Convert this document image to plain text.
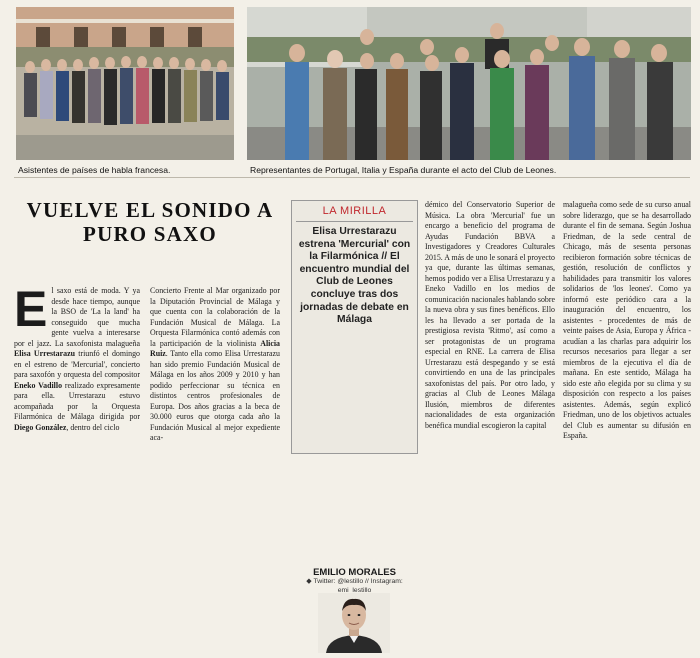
Asistentes de países de habla francesa.	Representantes de Portugal, Italia y España durante el acto del Club de Leones.
VUELVE EL SONIDO A PURO SAXO
E l saxo está de moda. Y ya desde hace tiempo, aunque la BSO de 'La la land' ha conseguido que mucha gente vuelva a interesarse por el jazz. La saxofonista malagueña Elisa Urrestarazu triunfó el domingo en el estreno de 'Mercurial', concierto para saxofón y orquesta del compositor Eneko Vadillo realizado expresamente para ella. Urrestarazu estuvo acompañada por la Orquesta Filarmónica de Málaga dirigida por Diego González, dentro del ciclo
Concierto Frente al Mar organizado por la Diputación Provincial de Málaga y que cuenta con la colaboración de la Fundación Musical de Málaga. La Orquesta Filarmónica contó además con la participación de la violinista Alicia Ruiz. Tanto ella como Elisa Urrestarazu han sido premio Fundación Musical de Málaga en los años 2009 y 2010 y han podido perfeccionar su técnica en distintos centros profesionales de Europa. Dos años gracias a la beca de 30.000 euros que otorga cada año la Fundación Musical al mejor expediente aca-
LA MIRILLA
Elisa Urrestarazu estrena 'Mercurial' con la Filarmónica // El encuentro mundial del Club de Leones concluye tras dos jornadas de debate en Málaga
EMILIO MORALES
◆ Twitter: @lestillo // Instagram: emi_lestillo
démico del Conservatorio Superior de Música. La obra 'Mercurial' fue un encargo a beneficio del programa de Ayudas Fundación BBVA a Investigadores y Creadores Culturales 2015. A más de uno le sonará el proyecto ya que, durante las últimas semanas, hemos podido ver a Elisa Urrestarazu y a Eneko Vadillo en los medios de comunicación nacionales hablando sobre la nueva obra y sus fines benéficos. Ello les ha llevado a ser portada de la prestigiosa revista 'Ritmo', así como a ser protagonistas de un programa especial en RNE. La carrera de Elisa Urrestarazu está despegando y se está convirtiendo en una de las principales saxofonistas del país. Por otro lado, y gracias al Club de Leones Málaga Ilusión, miembros de diferentes nacionalidades de esta organización benéfica mundial escogieron la capital
malagueña como sede de su curso anual sobre liderazgo, que se ha desarrollado durante el fin de semana. Según Joshua Friedman, de la sede central de Chicago, más de sesenta personas recibieron formación sobre técnicas de gestión, resolución de conflictos y habilidades para transmitir los valores solidarios de 'los leones'. Como ya informó este periódico cara a la inauguración del encuentro, los asistentes - procedentes de más de veinte países de Asia, Europa y África - acudían a las charlas para adquirir los recursos necesarios para llegar a ser miembros de la ejecutiva el día de mañana. En este sentido, Málaga ha sido este año elegida por su clima y su disposición con respecto a los países asistentes. Además, según explicó Friedman, uno de los objetivos actuales del Club es aumentar su difusión en España.
